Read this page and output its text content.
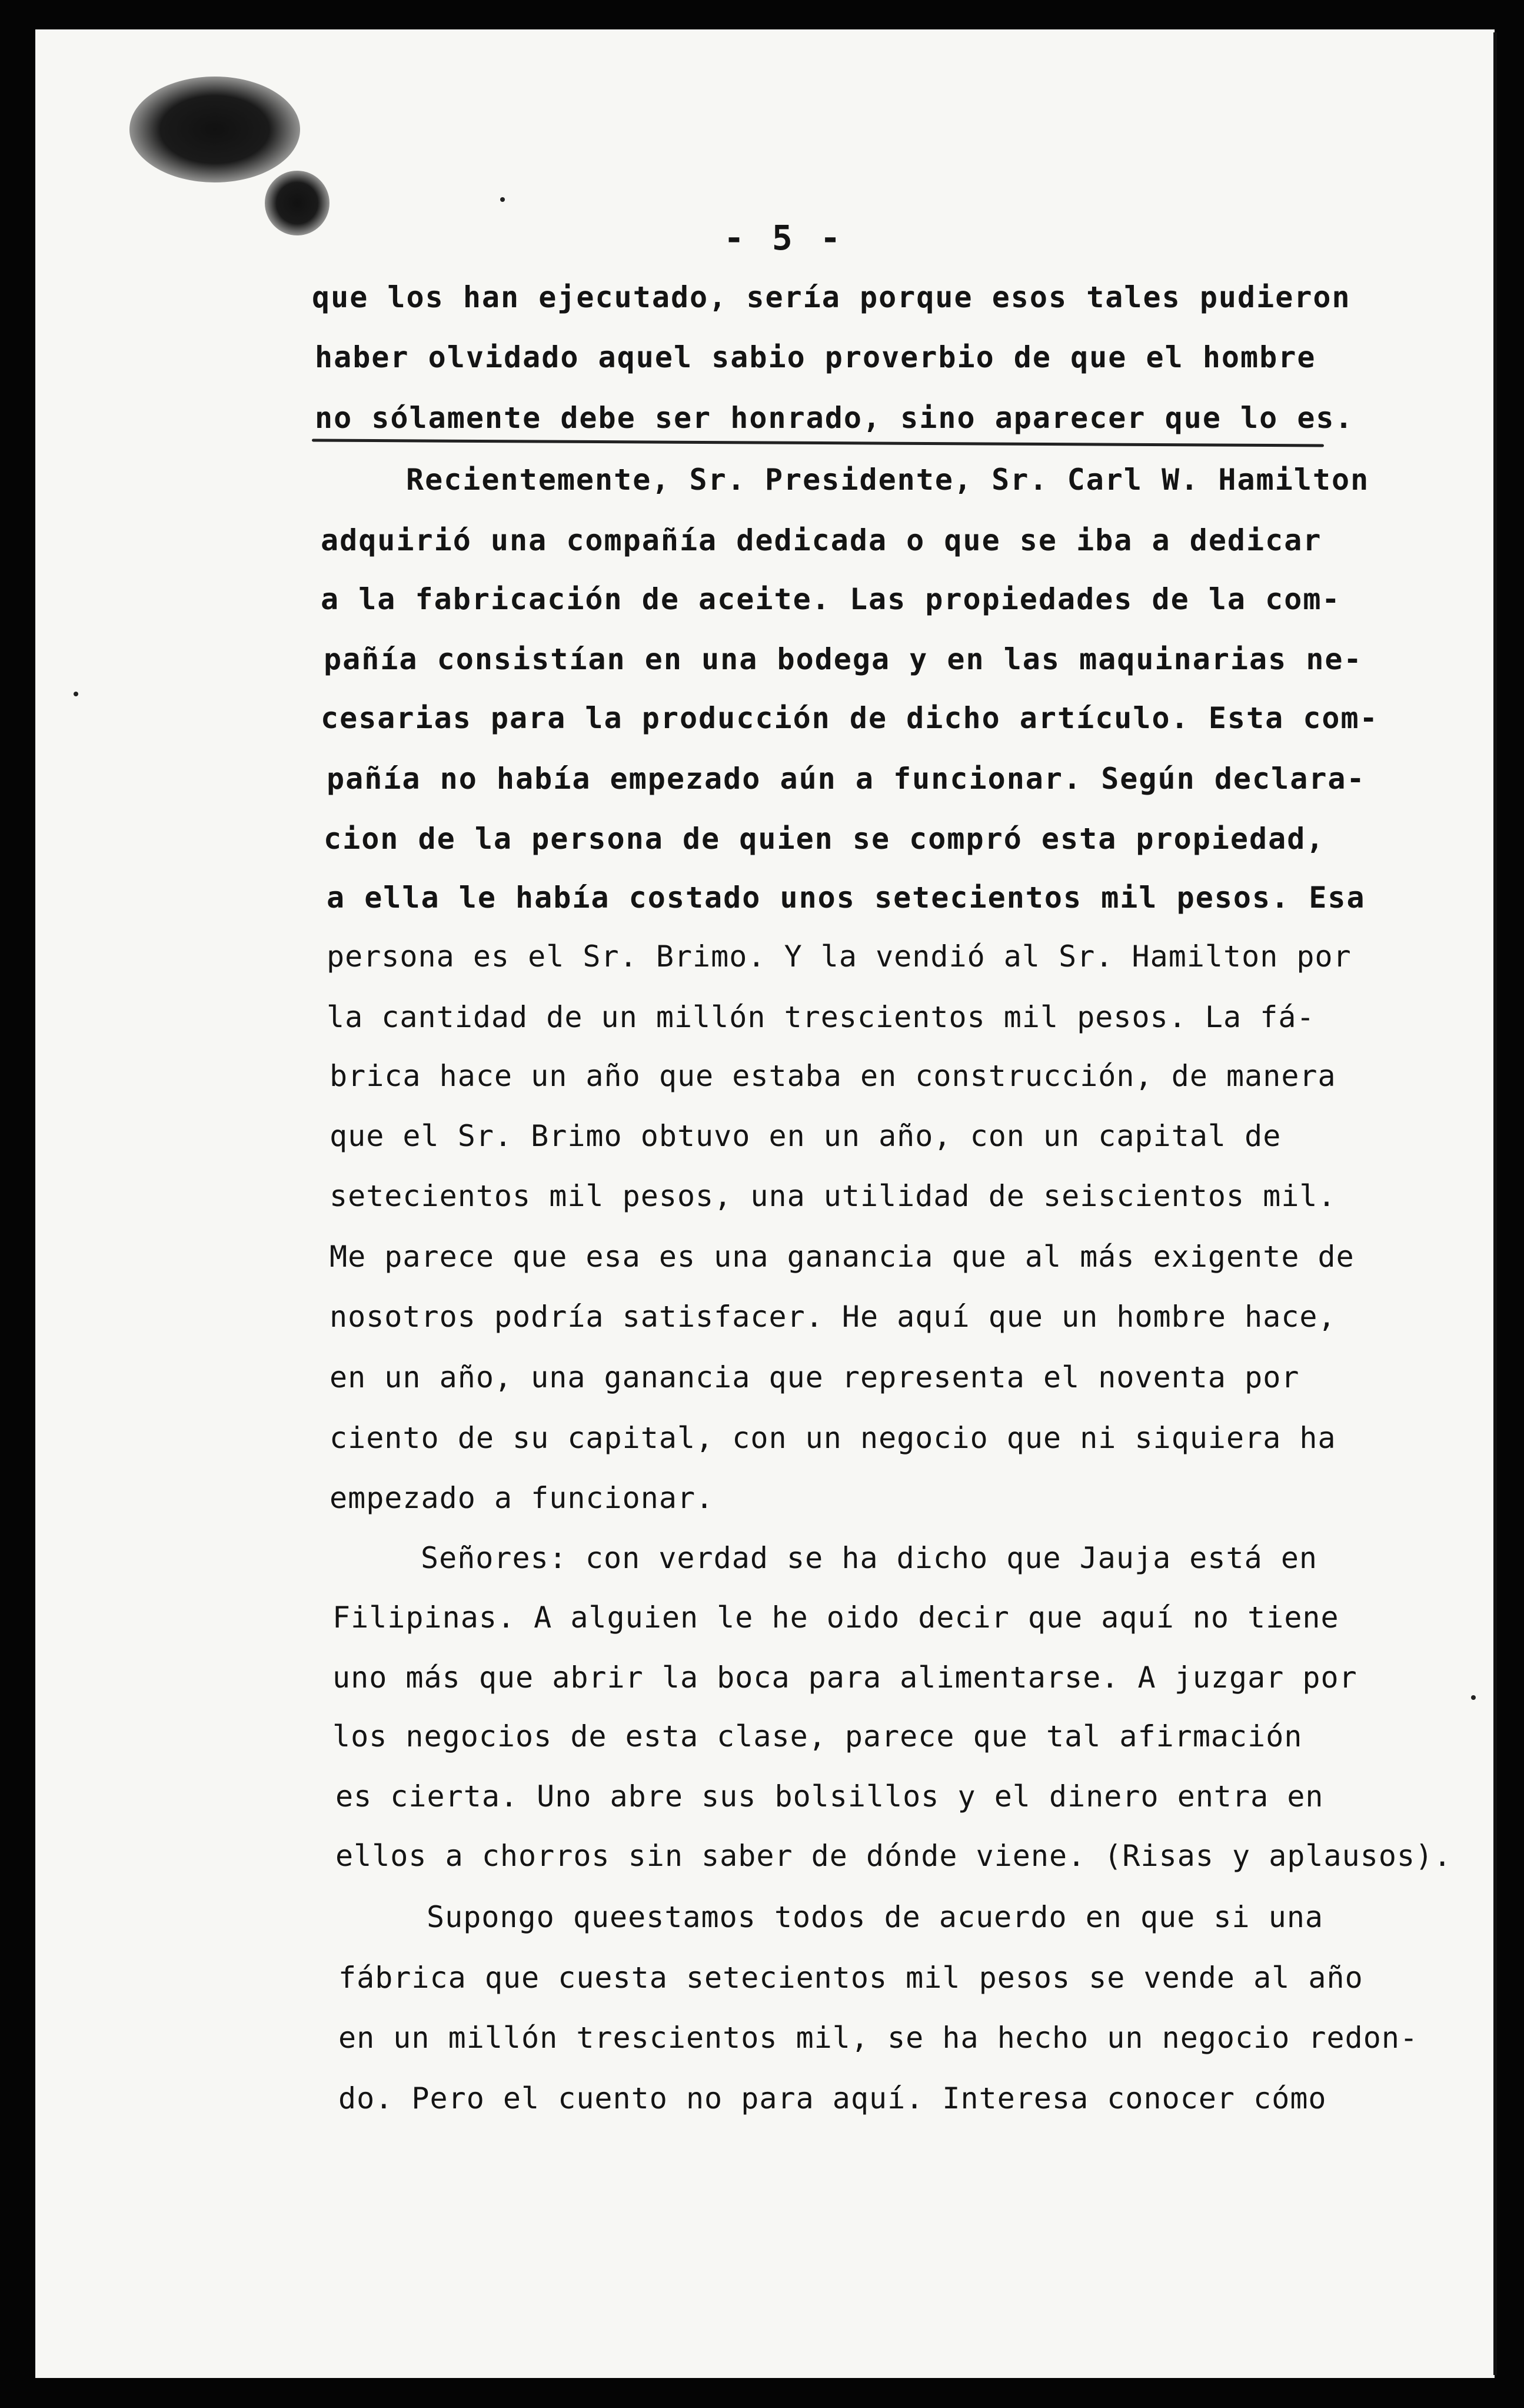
- 5 -
que los han ejecutado, sería porque esos tales pudieron
haber olvidado aquel sabio proverbio de que el hombre
no sólamente debe ser honrado, sino aparecer que lo es.
Recientemente, Sr. Presidente, Sr. Carl W. Hamilton
adquirió una compañía dedicada o que se iba a dedicar
a la fabricación de aceite. Las propiedades de la com-
pañía consistían en una bodega y en las maquinarias ne-
cesarias para la producción de dicho artículo. Esta com-
pañía no había empezado aún a funcionar. Según declara-
cion de la persona de quien se compró esta propiedad,
a ella le había costado unos setecientos mil pesos. Esa
persona es el Sr. Brimo. Y la vendió al Sr. Hamilton por
la cantidad de un millón trescientos mil pesos. La fá-
brica hace un año que estaba en construcción, de manera
que el Sr. Brimo obtuvo en un año, con un capital de
setecientos mil pesos, una utilidad de seiscientos mil.
Me parece que esa es una ganancia que al más exigente de
nosotros podría satisfacer. He aquí que un hombre hace,
en un año, una ganancia que representa el noventa por
ciento de su capital, con un negocio que ni siquiera ha
empezado a funcionar.
Señores: con verdad se ha dicho que Jauja está en
Filipinas. A alguien le he oido decir que aquí no tiene
uno más que abrir la boca para alimentarse. A juzgar por
los negocios de esta clase, parece que tal afirmación
es cierta. Uno abre sus bolsillos y el dinero entra en
ellos a chorros sin saber de dónde viene. (Risas y aplausos).
Supongo queestamos todos de acuerdo en que si una
fábrica que cuesta setecientos mil pesos se vende al año
en un millón trescientos mil, se ha hecho un negocio redon-
do. Pero el cuento no para aquí. Interesa conocer cómo
